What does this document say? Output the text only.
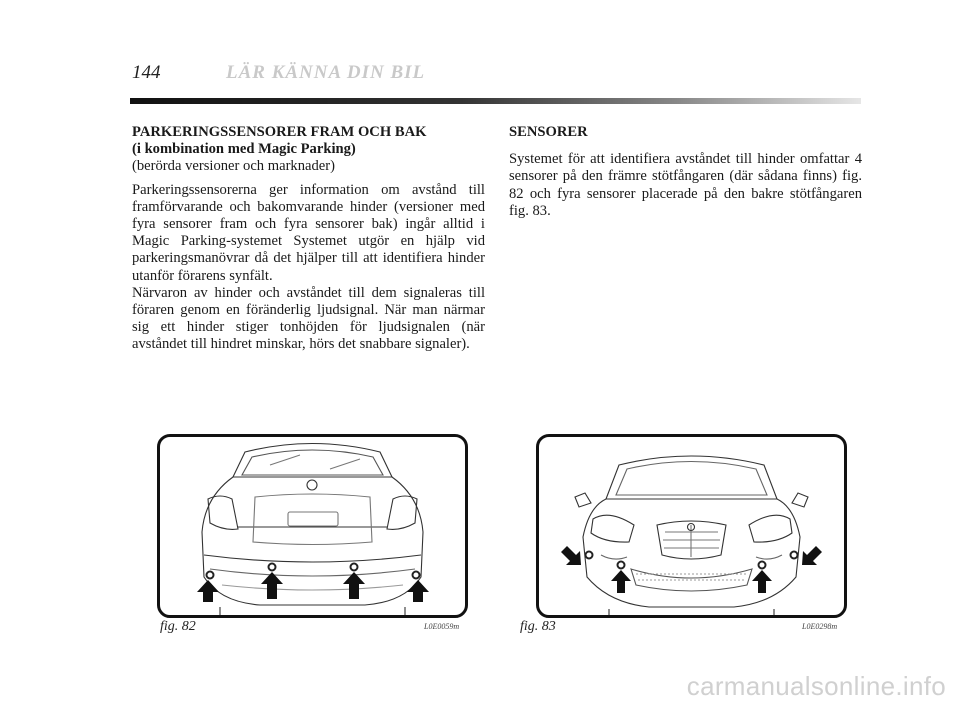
144	LÄR KÄNNA DIN BIL

PARKERINGSSENSORER FRAM OCH BAK

(i kombination med Magic Parking)

(berörda versioner och marknader)

Parkeringssensorerna ger information om avstånd till framförvarande och bakomvarande hinder (versioner med fyra sensorer fram och fyra sensorer bak) ingår alltid i Magic Parking-systemet Systemet utgör en hjälp vid parkeringsmanövrar då det hjälper till att identifiera hinder utanför förarens synfält.

Närvaron av hinder och avståndet till dem signaleras till föraren genom en föränderlig ljudsignal. När man närmar sig ett hinder stiger tonhöjden för ljudsignalen (när avståndet till hindret minskar, hörs det snabbare signaler).

SENSORER

Systemet för att identifiera avståndet till hinder omfattar 4 sensorer på den främre stötfångaren (där sådana finns) fig. 82 och fyra sensorer placerade på den bakre stötfångaren fig. 83.

fig. 82	L0E0059m	fig. 83	L0E0298m
carmanualsonline.info
